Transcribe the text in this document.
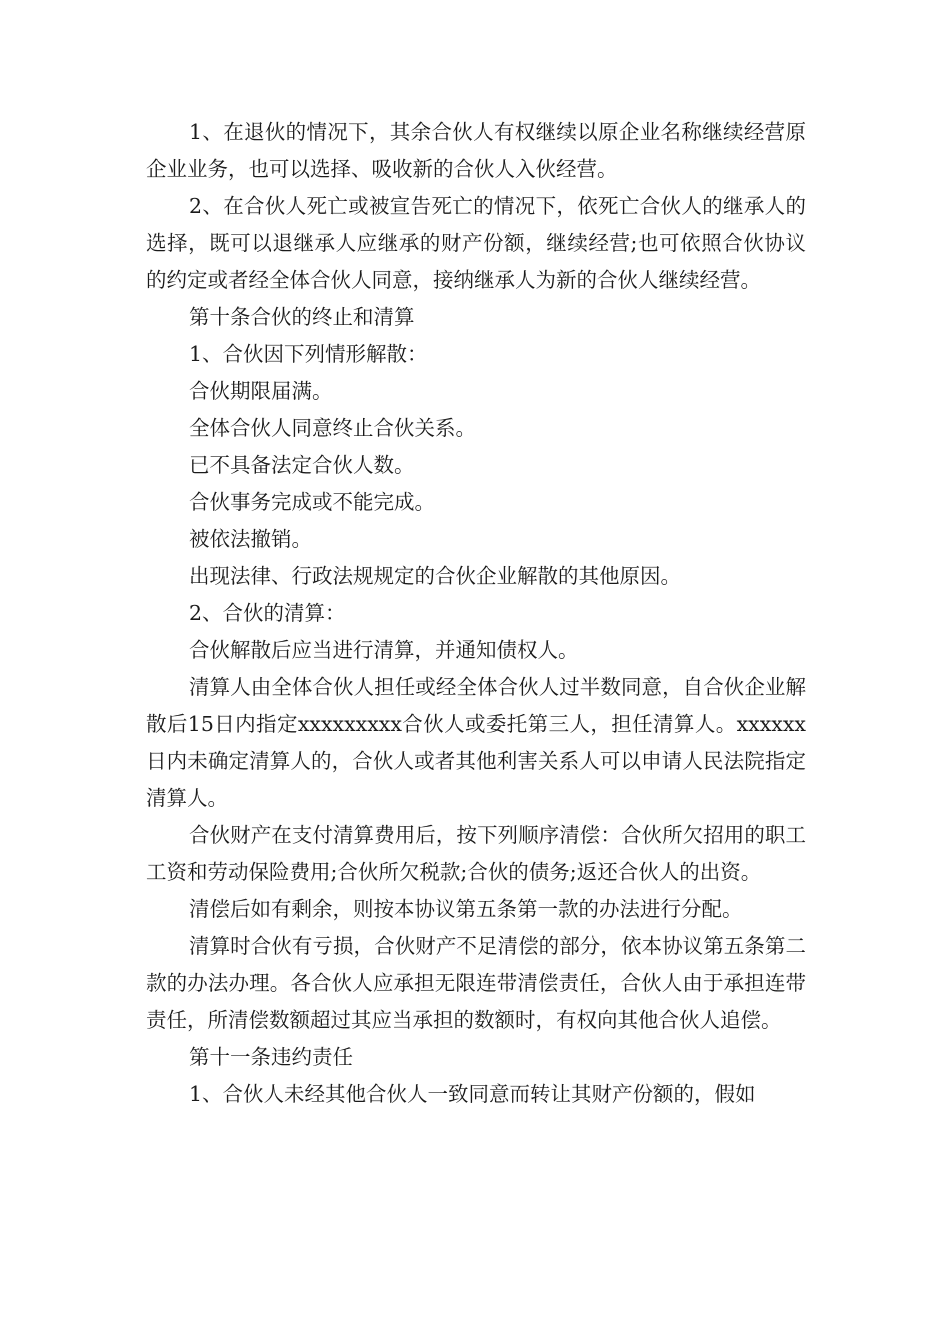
1、在退伙的情况下，其余合伙人有权继续以原企业名称继续经营原企业业务，也可以选择、吸收新的合伙人入伙经营。

2、在合伙人死亡或被宣告死亡的情况下，依死亡合伙人的继承人的选择，既可以退继承人应继承的财产份额，继续经营;也可依照合伙协议的约定或者经全体合伙人同意，接纳继承人为新的合伙人继续经营。

第十条合伙的终止和清算

1、合伙因下列情形解散：

合伙期限届满。

全体合伙人同意终止合伙关系。

已不具备法定合伙人数。

合伙事务完成或不能完成。

被依法撤销。

出现法律、行政法规规定的合伙企业解散的其他原因。

2、合伙的清算：

合伙解散后应当进行清算，并通知债权人。

清算人由全体合伙人担任或经全体合伙人过半数同意，自合伙企业解散后15日内指定xxxxxxxxx合伙人或委托第三人，担任清算人。xxxxxx日内未确定清算人的，合伙人或者其他利害关系人可以申请人民法院指定清算人。

合伙财产在支付清算费用后，按下列顺序清偿：合伙所欠招用的职工工资和劳动保险费用;合伙所欠税款;合伙的债务;返还合伙人的出资。

清偿后如有剩余，则按本协议第五条第一款的办法进行分配。

清算时合伙有亏损，合伙财产不足清偿的部分，依本协议第五条第二款的办法办理。各合伙人应承担无限连带清偿责任，合伙人由于承担连带责任，所清偿数额超过其应当承担的数额时，有权向其他合伙人追偿。

第十一条违约责任

1、合伙人未经其他合伙人一致同意而转让其财产份额的，假如
